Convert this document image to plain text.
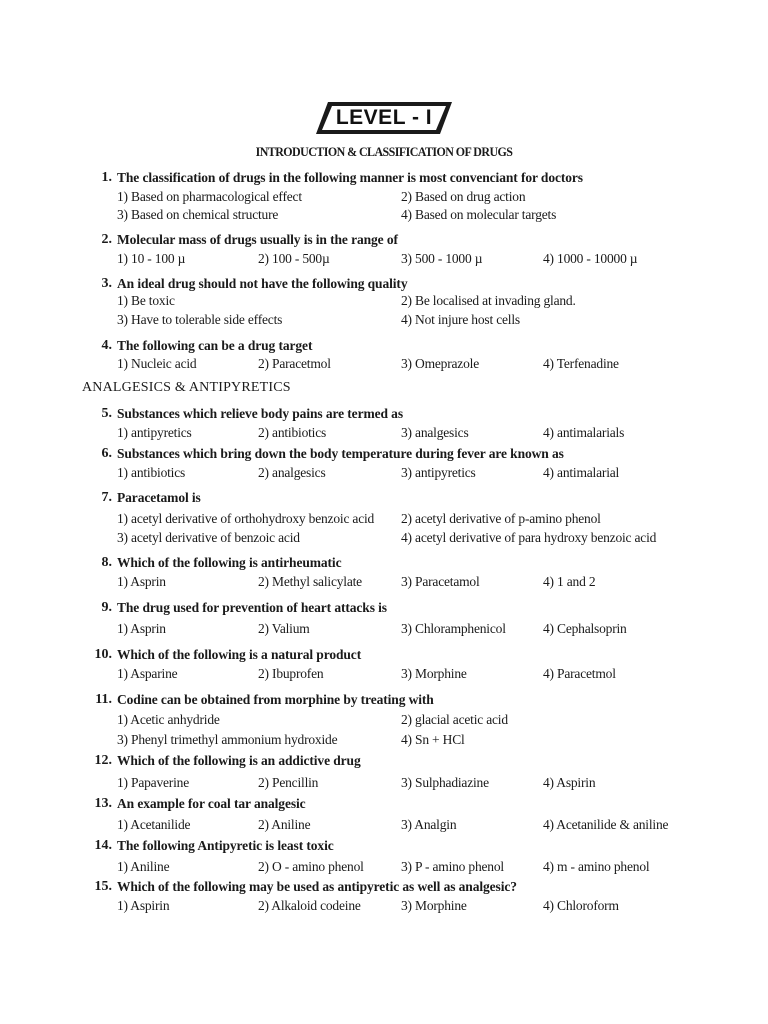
LEVEL - I
INTRODUCTION & CLASSIFICATION OF DRUGS
1. The classification of drugs in the following manner is most convenciant for doctors
1) Based on pharmacological effect	2) Based on drug action
3) Based on chemical structure	4) Based on molecular targets
2. Molecular mass of drugs usually is in the range of
1) 10 - 100 µ	2) 100 - 500µ	3) 500 - 1000 µ	4) 1000 - 10000 µ
3. An ideal drug should not have the following quality
1) Be toxic	2) Be localised at invading gland.
3) Have to tolerable side effects	4) Not injure host cells
4. The following can be a drug target
1) Nucleic acid	2) Paracetmol	3) Omeprazole	4) Terfenadine
ANALGESICS & ANTIPYRETICS
5. Substances which relieve body pains are termed as
1) antipyretics	2) antibiotics	3) analgesics	4) antimalarials
6. Substances which bring down the body temperature during fever are known as
1) antibiotics	2) analgesics	3) antipyretics	4) antimalarial
7. Paracetamol is
1) acetyl derivative of orthohydroxy benzoic acid 2) acetyl derivative of p-amino phenol
3) acetyl derivative of benzoic acid	4) acetyl derivative of para hydroxy benzoic acid
8. Which of the following is antirheumatic
1) Asprin	2) Methyl salicylate	3) Paracetamol	4) 1 and 2
9. The drug used for prevention of heart attacks is
1) Asprin	2) Valium	3) Chloramphenicol	4) Cephalsoprin
10. Which of the following is a natural product
1) Asparine	2) Ibuprofen	3) Morphine	4) Paracetmol
11. Codine can be obtained from morphine by treating with
1) Acetic anhydride	2) glacial acetic acid
3) Phenyl trimethyl ammonium hydroxide	4) Sn + HCl
12. Which of the following is an addictive drug
1) Papaverine	2) Pencillin	3) Sulphadiazine	4) Aspirin
13. An example for coal tar analgesic
1) Acetanilide	2) Aniline	3) Analgin	4) Acetanilide & aniline
14. The following Antipyretic is least toxic
1) Aniline	2) O - amino phenol	3) P - amino phenol	4) m - amino phenol
15. Which of the following may be used as antipyretic as well as analgesic?
1) Aspirin	2) Alkaloid codeine	3) Morphine	4) Chloroform
